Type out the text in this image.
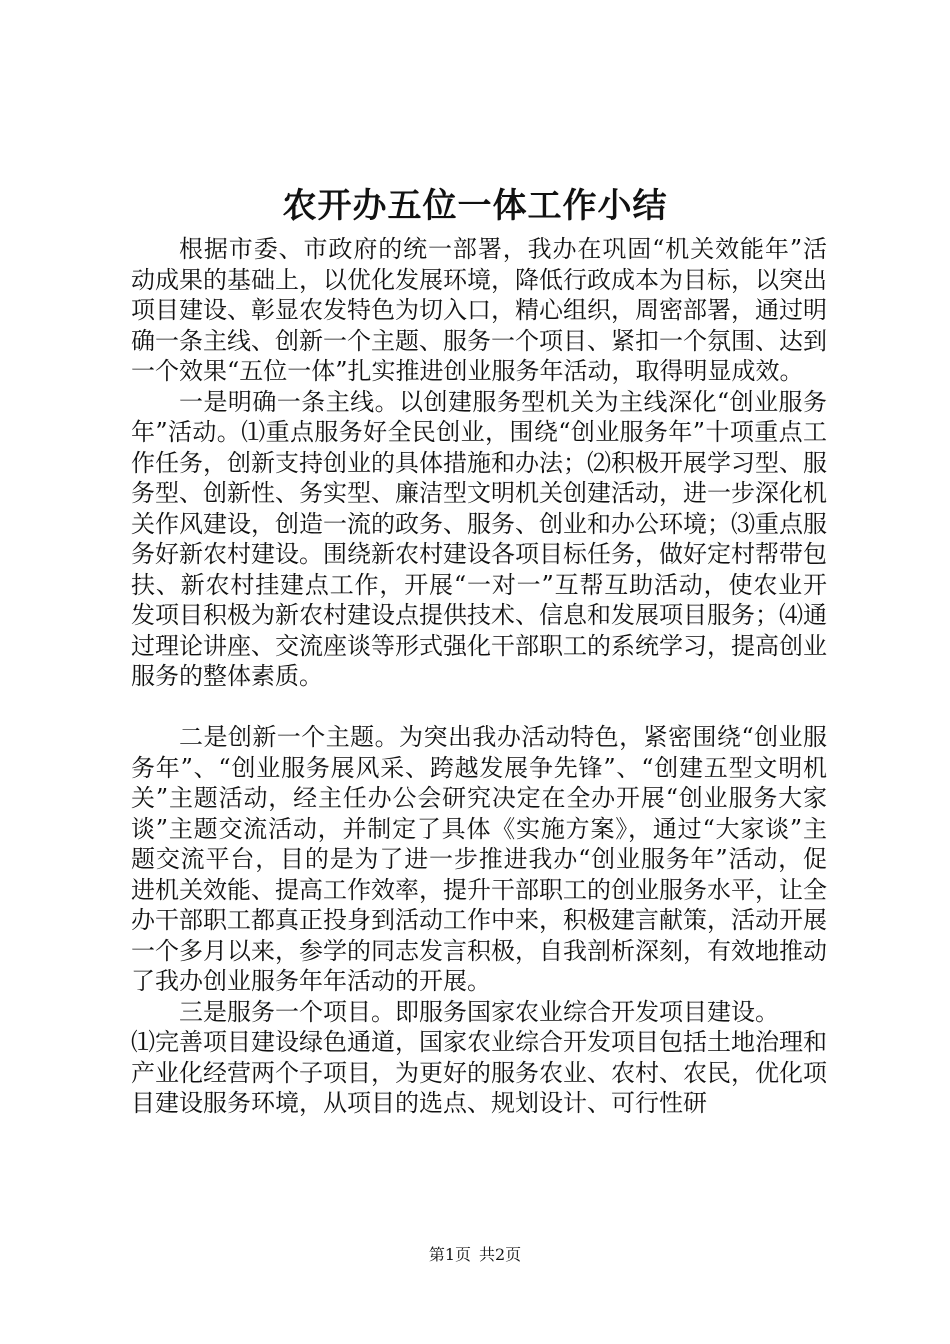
农开办五位一体工作小结

根据市委、市政府的统一部署，我办在巩固“机关效能年”活动成果的基础上，以优化发展环境，降低行政成本为目标，以突出项目建设、彰显农发特色为切入口，精心组织，周密部署，通过明确一条主线、创新一个主题、服务一个项目、紧扣一个氛围、达到一个效果“五位一体”扎实推进创业服务年活动，取得明显成效。

一是明确一条主线。以创建服务型机关为主线深化“创业服务年”活动。⑴重点服务好全民创业，围绕“创业服务年”十项重点工作任务，创新支持创业的具体措施和办法；⑵积极开展学习型、服务型、创新性、务实型、廉洁型文明机关创建活动，进一步深化机关作风建设，创造一流的政务、服务、创业和办公环境；⑶重点服务好新农村建设。围绕新农村建设各项目标任务，做好定村帮带包扶、新农村挂建点工作，开展“一对一”互帮互助活动，使农业开发项目积极为新农村建设点提供技术、信息和发展项目服务；⑷通过理论讲座、交流座谈等形式强化干部职工的系统学习，提高创业服务的整体素质。

二是创新一个主题。为突出我办活动特色，紧密围绕“创业服务年”、“创业服务展风采、跨越发展争先锋”、“创建五型文明机关”主题活动，经主任办公会研究决定在全办开展“创业服务大家谈”主题交流活动，并制定了具体《实施方案》，通过“大家谈”主题交流平台，目的是为了进一步推进我办“创业服务年”活动，促进机关效能、提高工作效率，提升干部职工的创业服务水平，让全办干部职工都真正投身到活动工作中来，积极建言献策，活动开展一个多月以来，参学的同志发言积极，自我剖析深刻，有效地推动了我办创业服务年年活动的开展。

三是服务一个项目。即服务国家农业综合开发项目建设。

⑴完善项目建设绿色通道，国家农业综合开发项目包括土地治理和产业化经营两个子项目，为更好的服务农业、农村、农民，优化项目建设服务环境，从项目的选点、规划设计、可行性研

第1页 共2页
